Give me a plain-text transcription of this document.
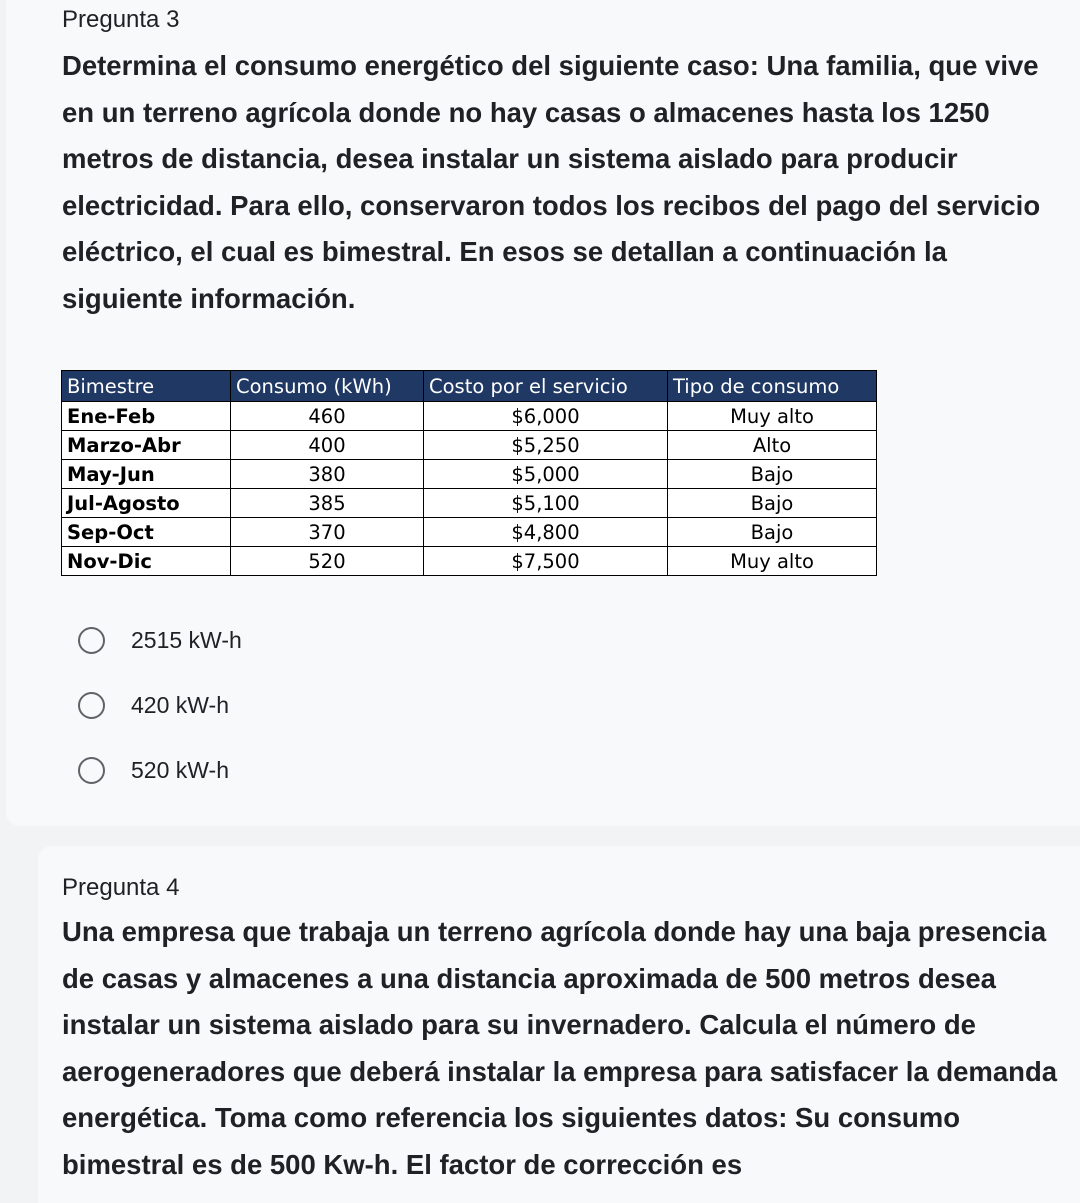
Pregunta 3

Determina el consumo energético del siguiente caso: Una familia, que vive en un terreno agrícola donde no hay casas o almacenes hasta los 1250 metros de distancia, desea instalar un sistema aislado para producir electricidad. Para ello, conservaron todos los recibos del pago del servicio eléctrico, el cual es bimestral. En esos se detallan a continuación la siguiente información.

Bimestre	Consumo (kWh)	Costo por el servicio	Tipo de consumo
Ene-Feb	460	$6,000	Muy alto
Marzo-Abr	400	$5,250	Alto
May-Jun	380	$5,000	Bajo
Jul-Agosto	385	$5,100	Bajo
Sep-Oct	370	$4,800	Bajo
Nov-Dic	520	$7,500	Muy alto
2515 kW-h
420 kW-h
520 kW-h
Pregunta 4

Una empresa que trabaja un terreno agrícola donde hay una baja presencia de casas y almacenes a una distancia aproximada de 500 metros desea instalar un sistema aislado para su invernadero. Calcula el número de aerogeneradores que deberá instalar la empresa para satisfacer la demanda energética. Toma como referencia los siguientes datos: Su consumo bimestral es de 500 Kw-h. El factor de corrección es
